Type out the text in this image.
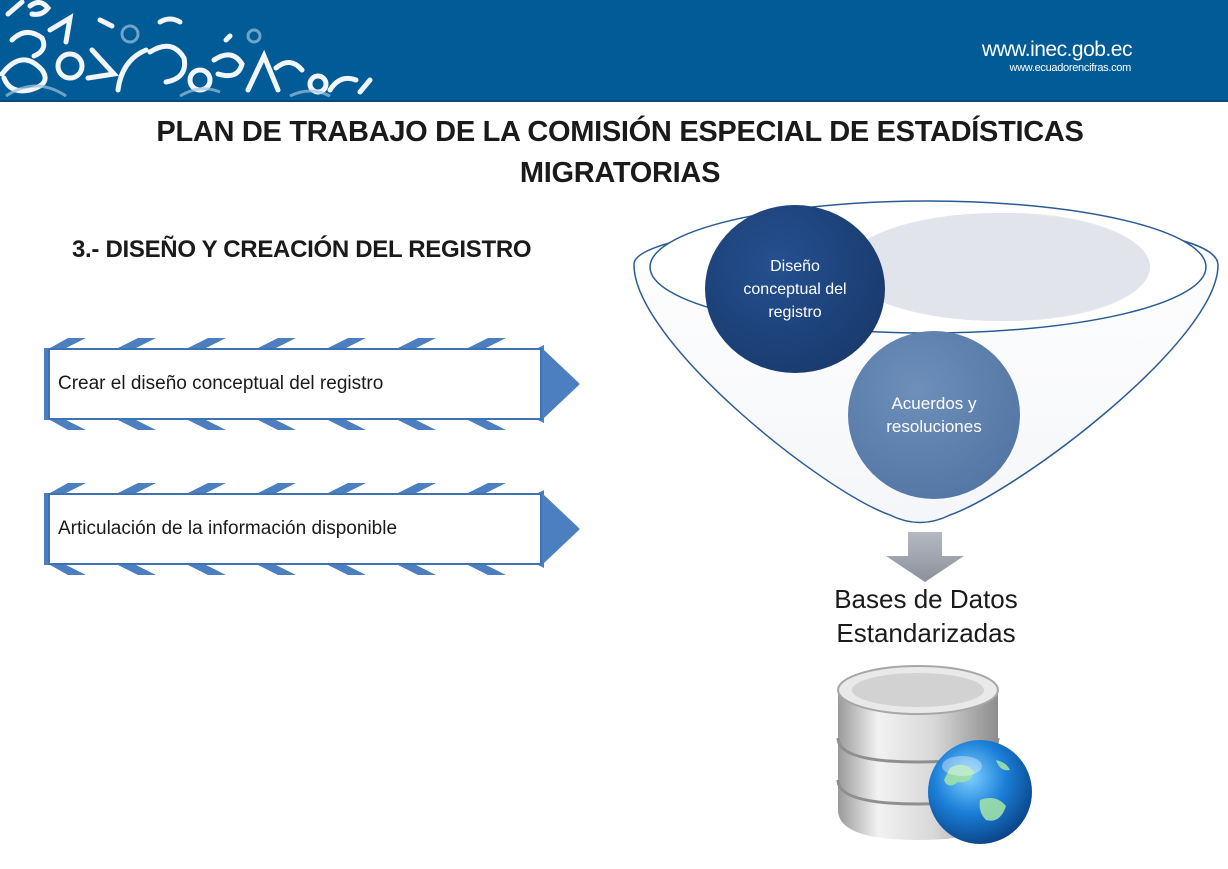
www.inec.gob.ec
www.ecuadorencifras.com
PLAN DE TRABAJO DE LA COMISIÓN ESPECIAL DE ESTADÍSTICAS MIGRATORIAS
3.- DISEÑO Y CREACIÓN DEL REGISTRO
Crear el diseño conceptual del registro
Articulación de la información disponible
Diseño conceptual del registro
Acuerdos y resoluciones
Bases de Datos Estandarizadas
